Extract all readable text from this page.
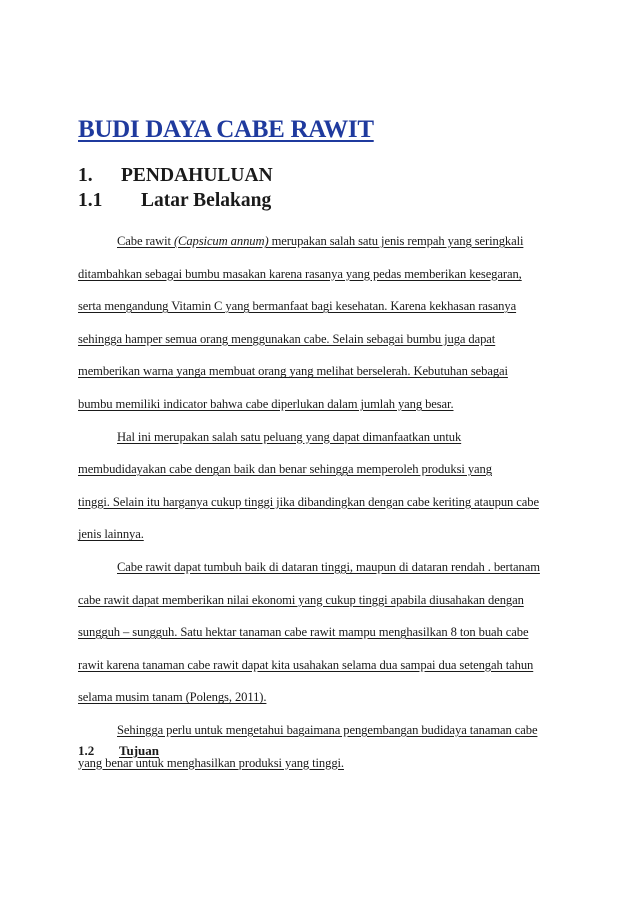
BUDI DAYA CABE RAWIT
1. PENDAHULUAN
1.1 Latar Belakang
Cabe rawit (Capsicum annum) merupakan salah satu jenis rempah yang seringkali
ditambahkan sebagai bumbu masakan karena rasanya yang pedas memberikan kesegaran,
serta mengandung Vitamin C yang bermanfaat bagi kesehatan. Karena kekhasan rasanya
sehingga hamper semua orang menggunakan cabe. Selain sebagai bumbu juga dapat
memberikan warna yanga membuat orang yang melihat berselerah. Kebutuhan sebagai
bumbu memiliki indicator bahwa cabe diperlukan dalam jumlah yang besar.
Hal ini merupakan salah satu peluang yang dapat dimanfaatkan untuk
membudidayakan cabe dengan baik dan benar sehingga memperoleh produksi yang
tinggi. Selain itu harganya cukup tinggi jika dibandingkan dengan cabe keriting ataupun cabe
jenis lainnya.
Cabe rawit dapat tumbuh baik di dataran tinggi, maupun di dataran rendah . bertanam
cabe rawit dapat memberikan nilai ekonomi yang cukup tinggi apabila diusahakan dengan
sungguh – sungguh. Satu hektar tanaman cabe rawit mampu menghasilkan 8 ton buah cabe
rawit karena tanaman cabe rawit dapat kita usahakan selama dua sampai dua setengah tahun
selama musim tanam (Polengs, 2011).
Sehingga perlu untuk mengetahui bagaimana pengembangan budidaya tanaman cabe
yang benar untuk menghasilkan produksi yang tinggi.
1.2 Tujuan
